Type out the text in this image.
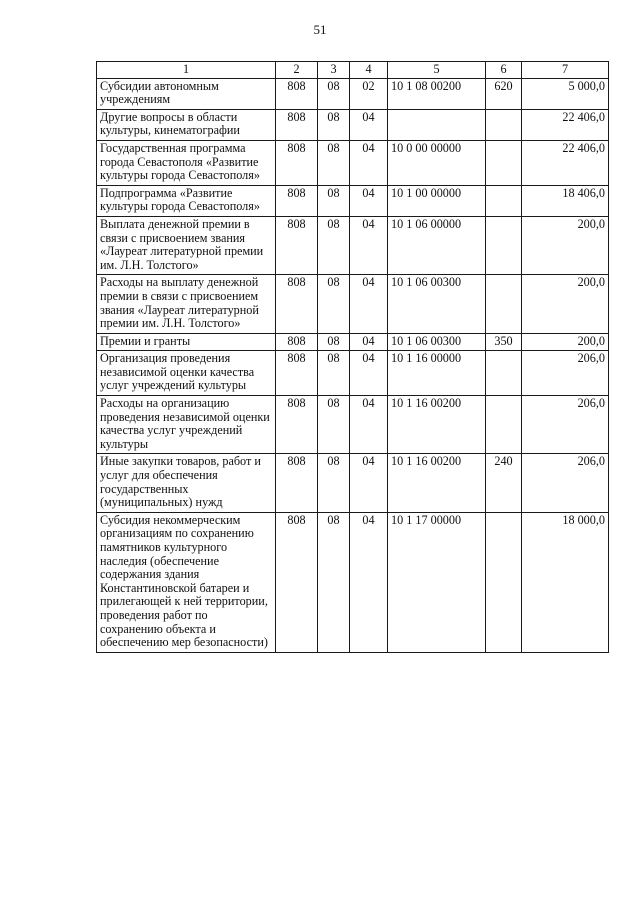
51
1	2	3	4	5	6	7
Субсидии автономным учреждениям	808	08	02	10 1 08 00200	620	5 000,0
Другие вопросы в области культуры, кинематографии	808	08	04			22 406,0
Государственная программа города Севастополя «Развитие культуры города Севастополя»	808	08	04	10 0 00 00000		22 406,0
Подпрограмма «Развитие культуры города Севастополя»	808	08	04	10 1 00 00000		18 406,0
Выплата денежной премии в связи с присвоением звания «Лауреат литературной премии им. Л.Н. Толстого»	808	08	04	10 1 06 00000		200,0
Расходы на выплату денежной премии в связи с присвоением звания «Лауреат литературной премии им. Л.Н. Толстого»	808	08	04	10 1 06 00300		200,0
Премии и гранты	808	08	04	10 1 06 00300	350	200,0
Организация проведения независимой оценки качества услуг учреждений культуры	808	08	04	10 1 16 00000		206,0
Расходы на организацию проведения независимой оценки качества услуг учреждений культуры	808	08	04	10 1 16 00200		206,0
Иные закупки товаров, работ и услуг для обеспечения государственных (муниципальных) нужд	808	08	04	10 1 16 00200	240	206,0
Субсидия некоммерческим организациям по сохранению памятников культурного наследия (обеспечение содержания здания Константиновской батареи и прилегающей к ней территории, проведения работ по сохранению объекта и обеспечению мер безопасности)	808	08	04	10 1 17 00000		18 000,0
